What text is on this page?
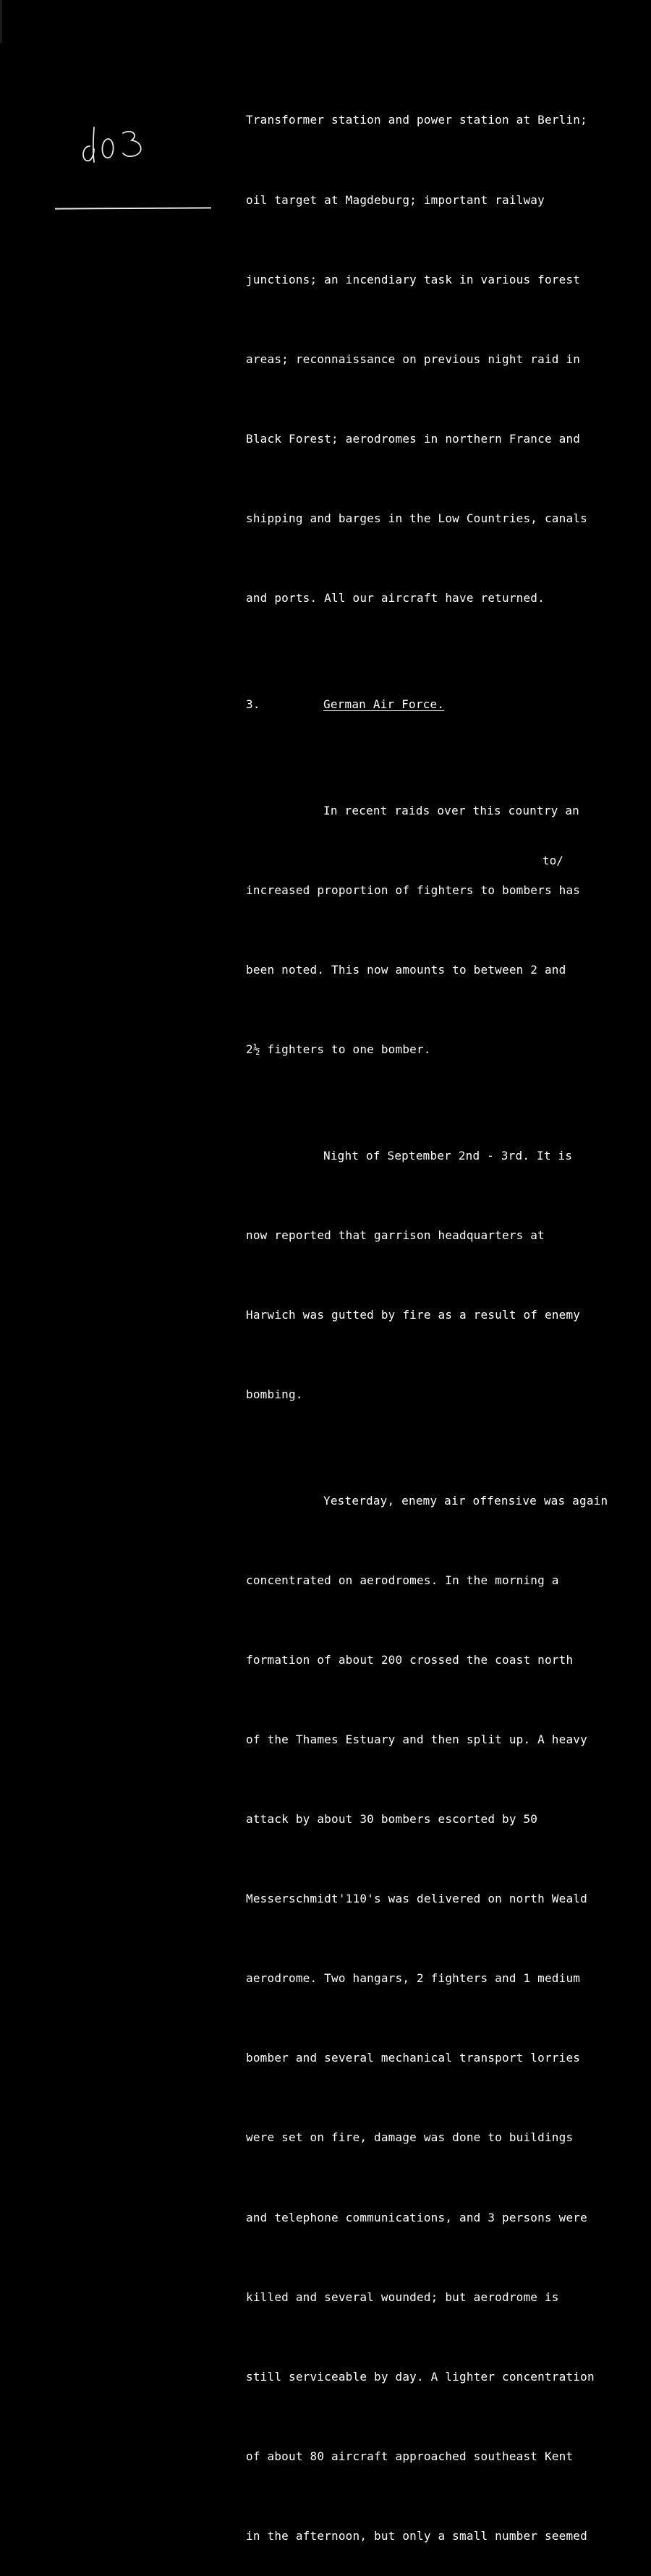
Transformer station and power station at Berlin;

oil target at Magdeburg; important railway

junctions; an incendiary task in various forest

areas; reconnaissance on previous night raid in

Black Forest; aerodromes in northern France and

shipping and barges in the Low Countries, canals

and ports. All our aircraft have returned.

3.	German Air Force.

In recent raids over this country an

increased proportion of fighters to bombers has

been noted. This now amounts to between 2 and

2½ fighters to one bomber.

Night of September 2nd - 3rd. It is

now reported that garrison headquarters at

Harwich was gutted by fire as a result of enemy

bombing.

Yesterday, enemy air offensive was again

concentrated on aerodromes. In the morning a

formation of about 200 crossed the coast north

of the Thames Estuary and then split up. A heavy

attack by about 30 bombers escorted by 50

Messerschmidt'110's was delivered on north Weald

aerodrome. Two hangars, 2 fighters and 1 medium

bomber and several mechanical transport lorries

were set on fire, damage was done to buildings

and telephone communications, and 3 persons were

killed and several wounded; but aerodrome is

still serviceable by day. A lighter concentration

of about 80 aircraft approached southeast Kent

in the afternoon, but only a small number seemed

to/
